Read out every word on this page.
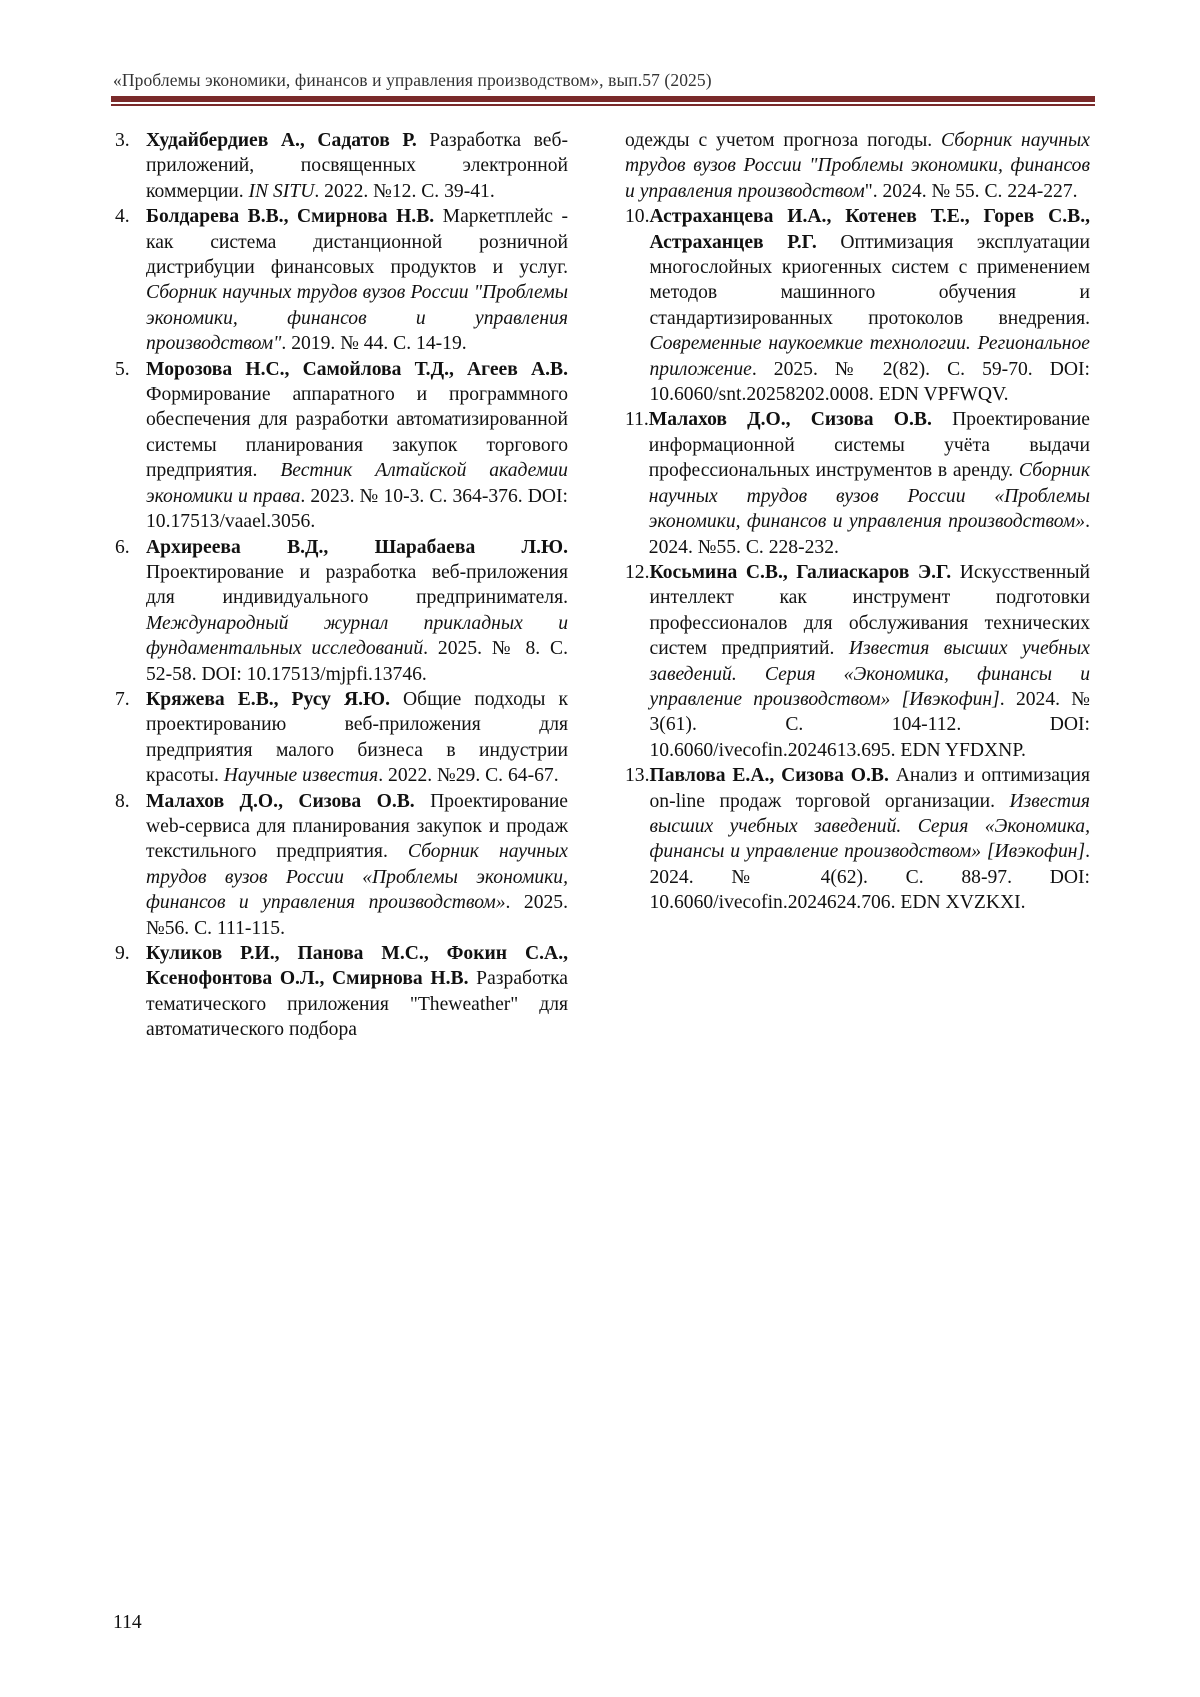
«Проблемы экономики, финансов и управления производством», вып.57 (2025)
3. Худайбердиев А., Садатов Р. Разработка веб-приложений, посвященных электронной коммерции. IN SITU. 2022. №12. С. 39-41.
4. Болдарева В.В., Смирнова Н.В. Маркетплейс - как система дистанционной розничной дистрибуции финансовых продуктов и услуг. Сборник научных трудов вузов России "Проблемы экономики, финансов и управления производством". 2019. № 44. С. 14-19.
5. Морозова Н.С., Самойлова Т.Д., Агеев А.В. Формирование аппаратного и программного обеспечения для разработки автоматизированной системы планирования закупок торгового предприятия. Вестник Алтайской академии экономики и права. 2023. № 10-3. С. 364-376. DOI: 10.17513/vaael.3056.
6. Архиреева В.Д., Шарабаева Л.Ю. Проектирование и разработка веб-приложения для индивидуального предпринимателя. Международный журнал прикладных и фундаментальных исследований. 2025. № 8. С. 52-58. DOI: 10.17513/mjpfi.13746.
7. Кряжева Е.В., Русу Я.Ю. Общие подходы к проектированию веб-приложения для предприятия малого бизнеса в индустрии красоты. Научные известия. 2022. №29. С. 64-67.
8. Малахов Д.О., Сизова О.В. Проектирование web-сервиса для планирования закупок и продаж текстильного предприятия. Сборник научных трудов вузов России «Проблемы экономики, финансов и управления производством». 2025. №56. С. 111-115.
9. Куликов Р.И., Панова М.С., Фокин С.А., Ксенофонтова О.Л., Смирнова Н.В. Разработка тематического приложения "Theweather" для автоматического подбора

одежды с учетом прогноза погоды. Сборник научных трудов вузов России "Проблемы экономики, финансов и управления производством". 2024. № 55. С. 224-227.

10. Астраханцева И.А., Котенев Т.Е., Горев С.В., Астраханцев Р.Г. Оптимизация эксплуатации многослойных криогенных систем с применением методов машинного обучения и стандартизированных протоколов внедрения. Современные наукоемкие технологии. Региональное приложение. 2025. № 2(82). С. 59-70. DOI: 10.6060/snt.20258202.0008. EDN VPFWQV.
11. Малахов Д.О., Сизова О.В. Проектирование информационной системы учёта выдачи профессиональных инструментов в аренду. Сборник научных трудов вузов России «Проблемы экономики, финансов и управления производством». 2024. №55. С. 228-232.
12. Косьмина С.В., Галиаскаров Э.Г. Искусственный интеллект как инструмент подготовки профессионалов для обслуживания технических систем предприятий. Известия высших учебных заведений. Серия «Экономика, финансы и управление производством» [Ивэкофин]. 2024. № 3(61). С. 104-112. DOI: 10.6060/ivecofin.2024613.695. EDN YFDXNP.
13. Павлова Е.А., Сизова О.В. Анализ и оптимизация on-line продаж торговой организации. Известия высших учебных заведений. Серия «Экономика, финансы и управление производством» [Ивэкофин]. 2024. № 4(62). С. 88-97. DOI: 10.6060/ivecofin.2024624.706. EDN XVZKXI.
114
